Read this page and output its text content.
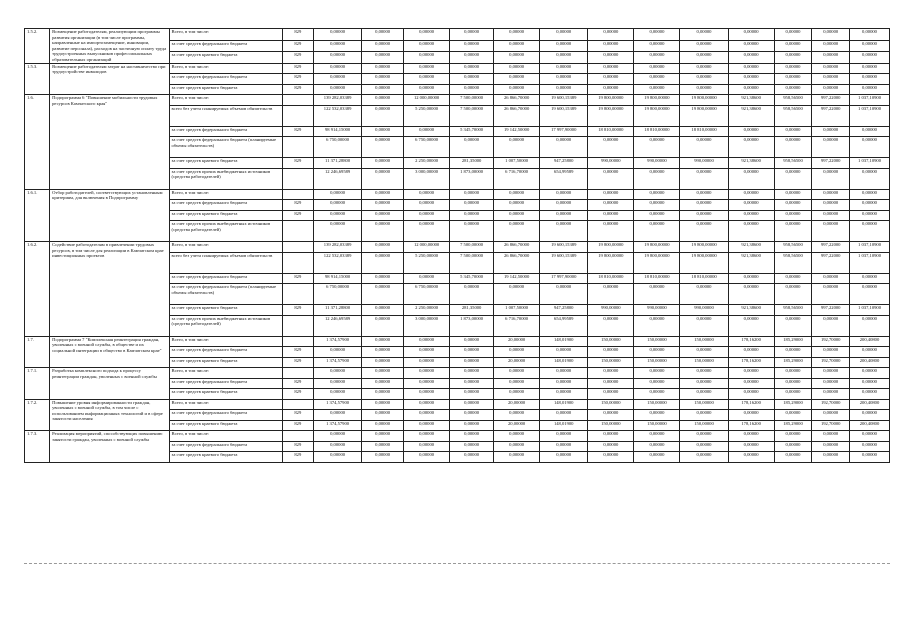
1.5.2.	Возмещение работодателям, реализующим программы развития организации (в том числе программы, направленные на импортозамещение, инновации, развитие персонала), расходов на частичную оплату труда трудоустроенных выпускников профессиональных образовательных организаций	Всего, в том числе:	829	0,00000	0,00000	0,00000	0,00000	0,00000	0,00000	0,00000	0,00000	0,00000	0,00000	0,00000	0,00000	0,00000
		за счет средств федерального бюджета	829	0,00000	0,00000	0,00000	0,00000	0,00000	0,00000	0,00000	0,00000	0,00000	0,00000	0,00000	0,00000	0,00000
		за счет средств краевого бюджета	829	0,00000	0,00000	0,00000	0,00000	0,00000	0,00000	0,00000	0,00000	0,00000	0,00000	0,00000	0,00000	0,00000
1.5.3.	Возмещение работодателям затрат на наставничество при трудоустройстве инвалидов	Всего, в том числе:	829	0,00000	0,00000	0,00000	0,00000	0,00000	0,00000	0,00000	0,00000	0,00000	0,00000	0,00000	0,00000	0,00000
		за счет средств федерального бюджета	829	0,00000	0,00000	0,00000	0,00000	0,00000	0,00000	0,00000	0,00000	0,00000	0,00000	0,00000	0,00000	0,00000
		за счет средств краевого бюджета	829	0,00000	0,00000	0,00000	0,00000	0,00000	0,00000	0,00000	0,00000	0,00000	0,00000	0,00000	0,00000	0,00000
1.6.	Подпрограмма 6 "Повышение мобильности трудовых ресурсов Камчатского края"	Всего, в том числе:		139 282,03389	0,00000	12 000,00000	7 500,00000	26 866,70000	19 600,15389	19 800,00000	19 800,00000	19 800,00000	921,38600	958,56500	997,22000	1 037,10900
		всего без учета планируемых объемов обязательств		122 532,03389	0,00000	5 250,00000	7 500,00000	26 866,70000	19 600,15389	19 800,00000	19 800,00000	19 800,00000	921,38600	958,56500	997,22000	1 037,10900
		за счет средств федерального бюджета	829	98 914,15000	0,00000	0,00000	5 345,70000	19 142,50000	17 997,90000	18 810,00000	18 810,00000	18 810,00000	0,00000	0,00000	0,00000	0,00000
		за счет средств федерального бюджета (планируемые объемы обязательств)		6 750,00000	0,00000	6 750,00000	0,00000	0,00000	0,00000	0,00000	0,00000	0,00000	0,00000	0,00000	0,00000	0,00000
		за счет средств краевого бюджета	829	11 371,28800	0,00000	2 250,00000	281,35000	1 007,50000	947,25800	990,00000	990,00000	990,00000	921,38600	958,56500	997,22000	1 037,10900
		за счет средств прочих внебюджетных источников (средства работодателей)		12 246,69589	0,00000	3 000,00000	1 873,00000	6 716,70000	654,99589	0,00000	0,00000	0,00000	0,00000	0,00000	0,00000	0,00000
1.6.1.	Отбор работодателей, соответствующих установленным критериям, для включения в Подпрограмму	Всего, в том числе:		0,00000	0,00000	0,00000	0,00000	0,00000	0,00000	0,00000	0,00000	0,00000	0,00000	0,00000	0,00000	0,00000
		за счет средств федерального бюджета	829	0,00000	0,00000	0,00000	0,00000	0,00000	0,00000	0,00000	0,00000	0,00000	0,00000	0,00000	0,00000	0,00000
		за счет средств краевого бюджета	829	0,00000	0,00000	0,00000	0,00000	0,00000	0,00000	0,00000	0,00000	0,00000	0,00000	0,00000	0,00000	0,00000
		за счет средств прочих внебюджетных источников (средства работодателей)		0,00000	0,00000	0,00000	0,00000	0,00000	0,00000	0,00000	0,00000	0,00000	0,00000	0,00000	0,00000	0,00000
1.6.2.	Содействие работодателям в привлечении трудовых ресурсов, в том числе для реализации в Камчатском крае инвестиционных проектов	Всего, в том числе:		139 282,03389	0,00000	12 000,00000	7 500,00000	26 866,70000	19 600,15389	19 800,00000	19 800,00000	19 800,00000	921,38600	958,56500	997,22000	1 037,10900
		всего без учета планируемых объемов обязательств		122 532,03389	0,00000	5 250,00000	7 500,00000	26 866,70000	19 600,15389	19 800,00000	19 800,00000	19 800,00000	921,38600	958,56500	997,22000	1 037,10900
		за счет средств федерального бюджета	829	98 914,15000	0,00000	0,00000	5 345,70000	19 142,50000	17 997,90000	18 810,00000	18 810,00000	18 810,00000	0,00000	0,00000	0,00000	0,00000
		за счет средств федерального бюджета (планируемые объемы обязательств)		6 750,00000	0,00000	6 750,00000	0,00000	0,00000	0,00000	0,00000	0,00000	0,00000	0,00000	0,00000	0,00000	0,00000
		за счет средств краевого бюджета	829	11 371,28800	0,00000	2 250,00000	281,35000	1 007,50000	947,25800	990,00000	990,00000	990,00000	921,38600	958,56500	997,22000	1 037,10900
		за счет средств прочих внебюджетных источников (средства работодателей)		12 246,69589	0,00000	3 000,00000	1 873,00000	6 716,70000	654,99589	0,00000	0,00000	0,00000	0,00000	0,00000	0,00000	0,00000
1.7.	Подпрограмма 7 "Комплексная реинтеграция граждан, уволенных с военной службы, в обществе и их социальной интеграции в общество в Камчатском крае"	Всего, в том числе:		1 374,57900	0,00000	0,00000	0,00000	20,00000	148,01900	150,00000	150,00000	150,00000	178,16200	185,29000	192,70000	200,40800
		за счет средств федерального бюджета	829	0,00000	0,00000	0,00000	0,00000	0,00000	0,00000	0,00000	0,00000	0,00000	0,00000	0,00000	0,00000	0,00000
		за счет средств краевого бюджета	829	1 374,57900	0,00000	0,00000	0,00000	20,00000	148,01900	150,00000	150,00000	150,00000	178,16200	185,29000	192,70000	200,40800
1.7.1.	Разработка комплексного подхода к процессу реинтеграции граждан, уволенных с военной службы	Всего, в том числе:		0,00000	0,00000	0,00000	0,00000	0,00000	0,00000	0,00000	0,00000	0,00000	0,00000	0,00000	0,00000	0,00000
		за счет средств федерального бюджета	829	0,00000	0,00000	0,00000	0,00000	0,00000	0,00000	0,00000	0,00000	0,00000	0,00000	0,00000	0,00000	0,00000
		за счет средств краевого бюджета	829	0,00000	0,00000	0,00000	0,00000	0,00000	0,00000	0,00000	0,00000	0,00000	0,00000	0,00000	0,00000	0,00000
1.7.2.	Повышение уровня информированности граждан, уволенных с военной службы, в том числе с использованием информационных технологий и в сфере занятости населения	Всего, в том числе:		1 374,57900	0,00000	0,00000	0,00000	20,00000	148,01900	150,00000	150,00000	150,00000	178,16200	185,29000	192,70000	200,40800
		за счет средств федерального бюджета	829	0,00000	0,00000	0,00000	0,00000	0,00000	0,00000	0,00000	0,00000	0,00000	0,00000	0,00000	0,00000	0,00000
		за счет средств краевого бюджета	829	1 374,57900	0,00000	0,00000	0,00000	20,00000	148,01900	150,00000	150,00000	150,00000	178,16200	185,29000	192,70000	200,40800
1.7.3.	Реализация мероприятий, способствующих повышению занятости граждан, уволенных с военной службы	Всего, в том числе:		0,00000	0,00000	0,00000	0,00000	0,00000	0,00000	0,00000	0,00000	0,00000	0,00000	0,00000	0,00000	0,00000
		за счет средств федерального бюджета	829	0,00000	0,00000	0,00000	0,00000	0,00000	0,00000	0,00000	0,00000	0,00000	0,00000	0,00000	0,00000	0,00000
		за счет средств краевого бюджета	829	0,00000	0,00000	0,00000	0,00000	0,00000	0,00000	0,00000	0,00000	0,00000	0,00000	0,00000	0,00000	0,00000
